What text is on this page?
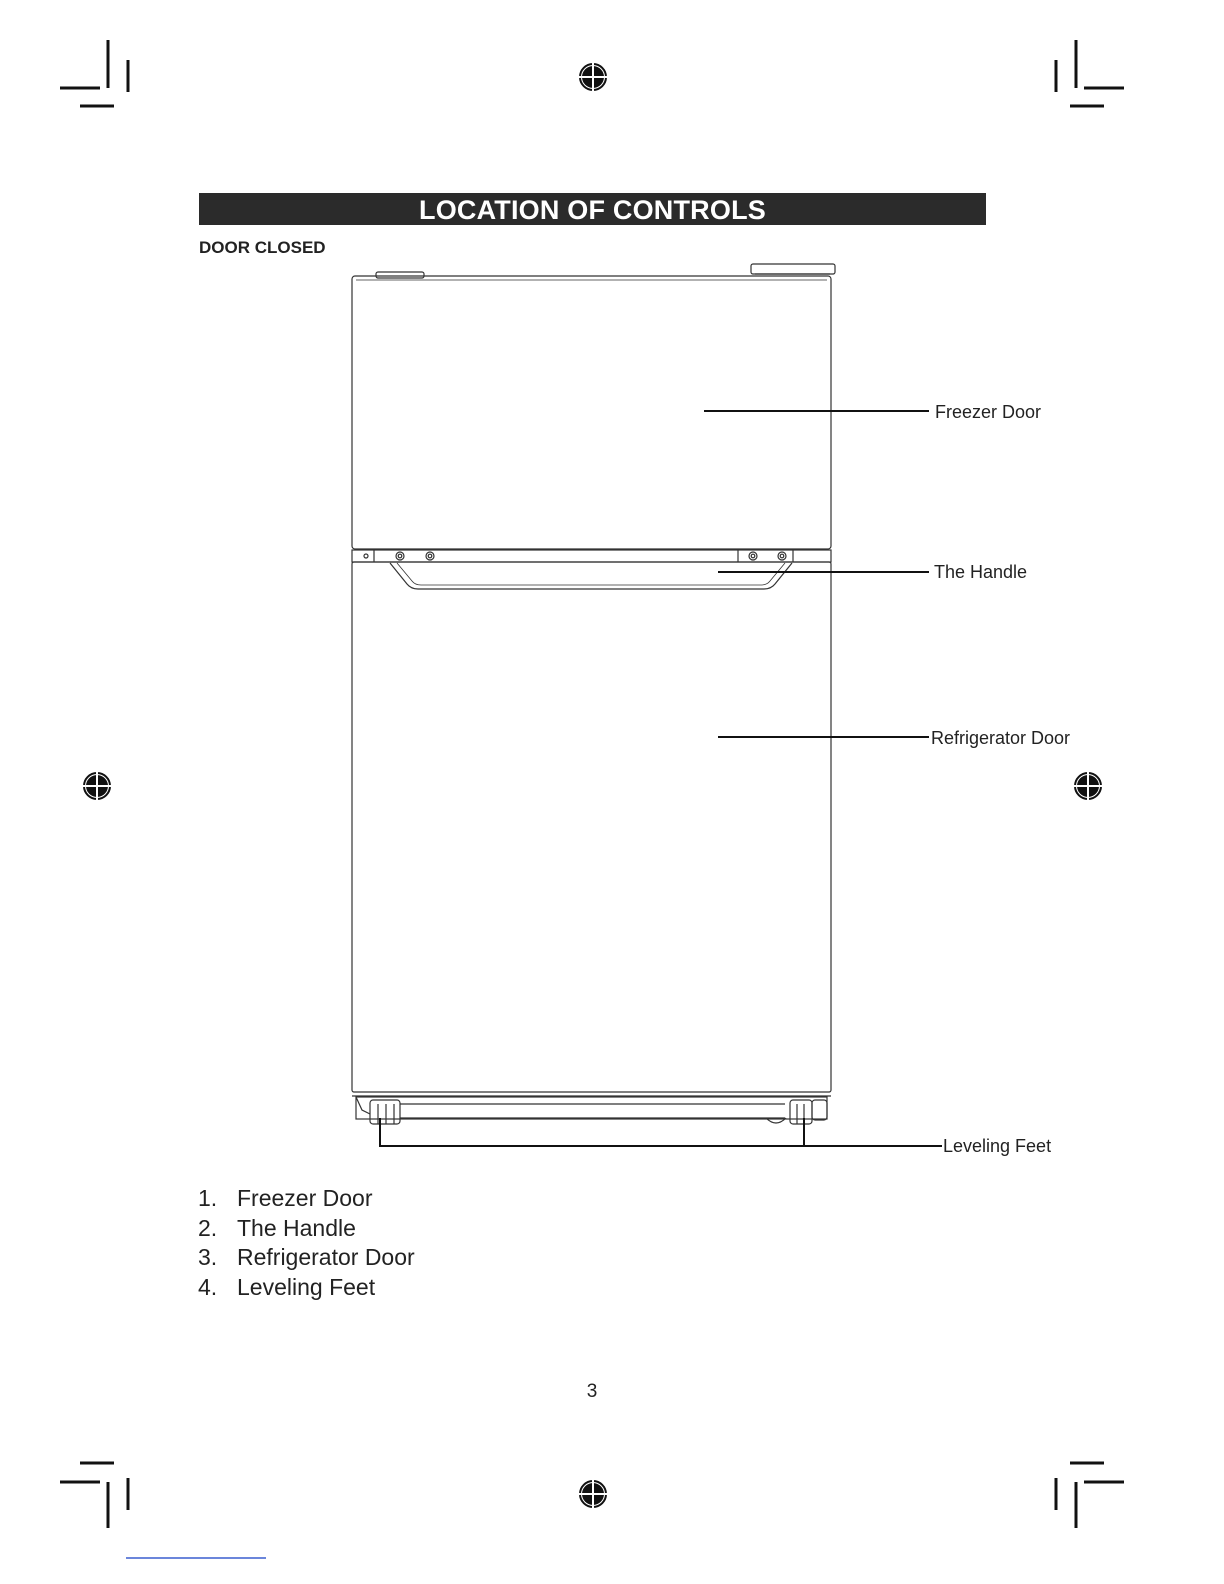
LOCATION OF CONTROLS
DOOR CLOSED
Freezer Door
The Handle
Refrigerator Door
Leveling Feet
1. Freezer Door
2. The Handle
3. Refrigerator Door
4. Leveling Feet
3
